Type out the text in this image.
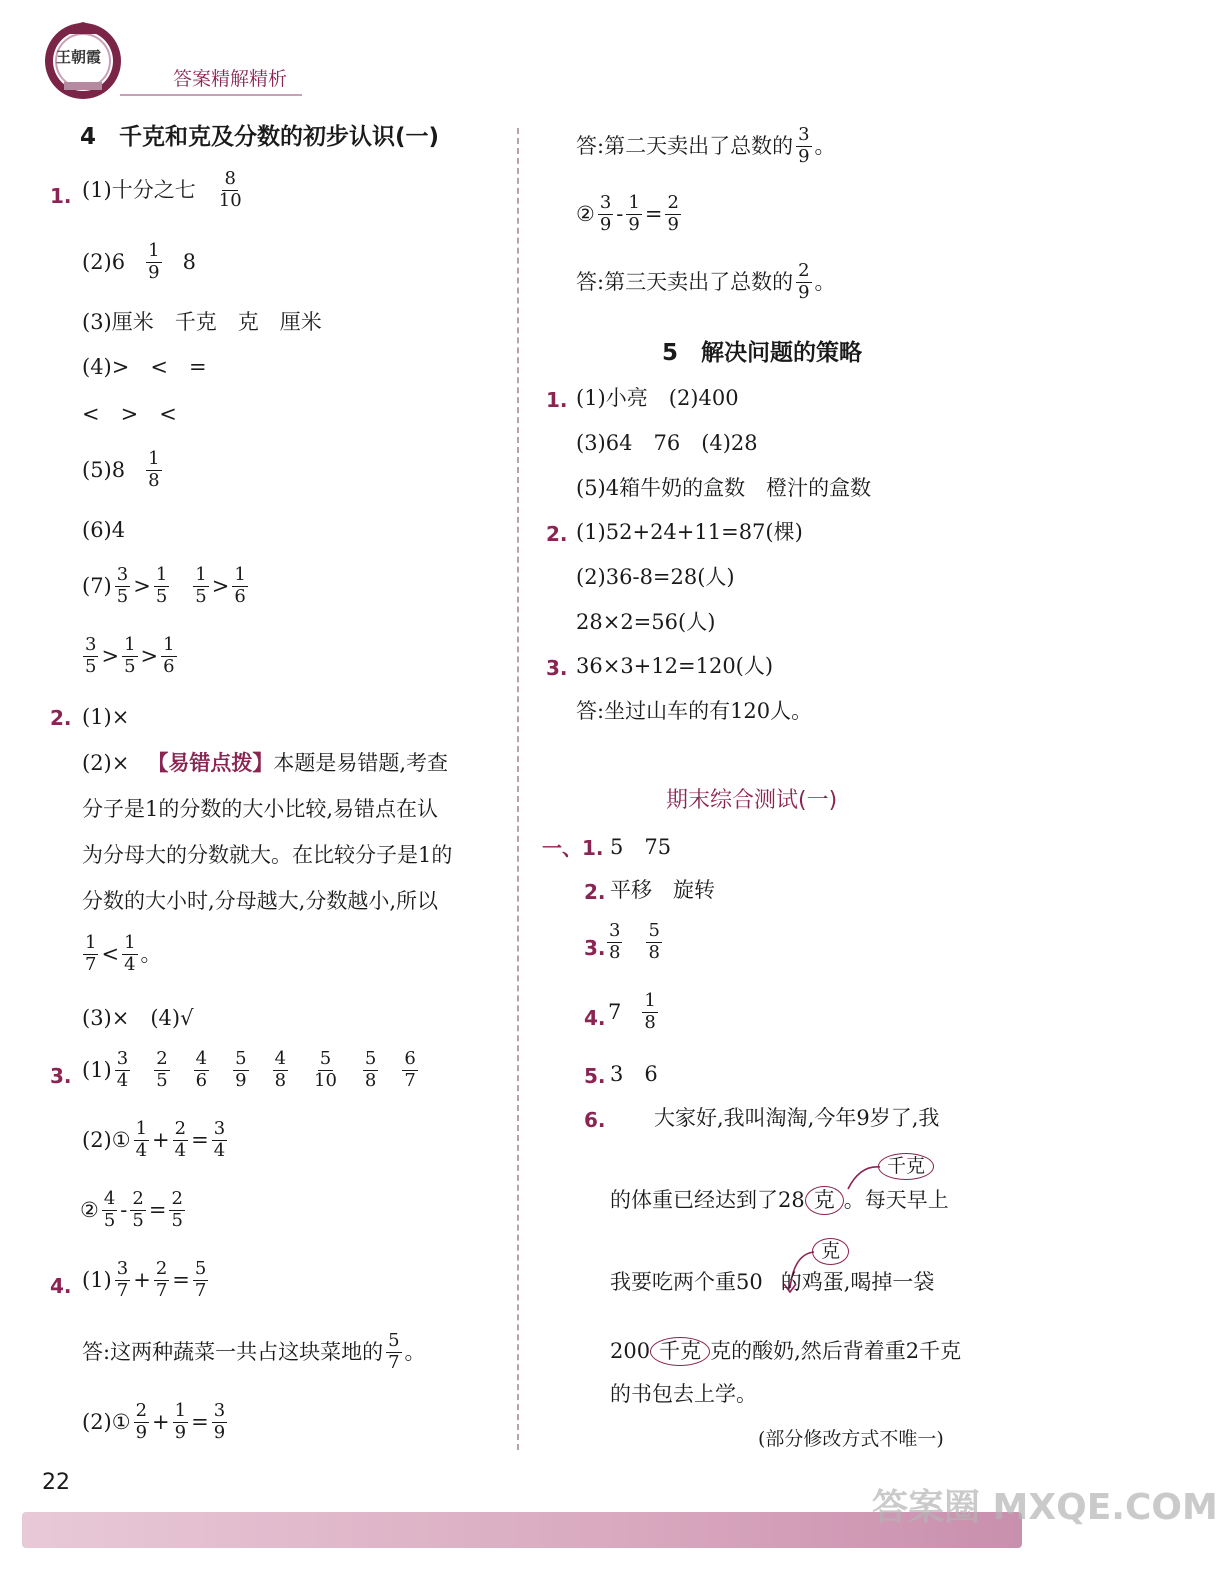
王朝霞
答案精解精析
4　千克和克及分数的初步认识(一)
1. (1)十分之七 $\frac{8}{10}$
$(2)6 \frac{1}{9} 8$
(3)厘米　千克　克　厘米
(4)>　<　=
<　>　<
$(5)8 \frac{1}{8}$
(6)4
$(7) \frac{3}{5} > \frac{1}{5} \frac{1}{5} > \frac{1}{6}$
$\frac{3}{5} > \frac{1}{5} > \frac{1}{6}$
2. (1)×
(2)× 【易错点拨】本题是易错题,考查
分子是1的分数的大小比较,易错点在认
为分母大的分数就大。在比较分子是1的
分数的大小时,分母越大,分数越小,所以
$\frac{1}{7} < \frac{1}{4}$ 。
(3)×　(4)√
3. $(1) \frac{3}{4} \frac{2}{5} \frac{4}{6} \frac{5}{9} \frac{4}{8} \frac{5}{10} \frac{5}{8} \frac{6}{7}$
(2)① $\frac{1}{4} + \frac{2}{4} = \frac{3}{4}$
② $\frac{4}{5} - \frac{2}{5} = \frac{2}{5}$
4. $(1) \frac{3}{7} + \frac{2}{7} = \frac{5}{7}$
答:这两种蔬菜一共占这块菜地的 $\frac{5}{7}$ 。
(2)① $\frac{2}{9} + \frac{1}{9} = \frac{3}{9}$
答:第二天卖出了总数的 $\frac{3}{9}$ 。
② $\frac{3}{9} - \frac{1}{9} = \frac{2}{9}$
答:第三天卖出了总数的 $\frac{2}{9}$ 。
5　解决问题的策略
1. (1)小亮　(2)400
(3)64　76　(4)28
(5)4箱牛奶的盒数　橙汁的盒数
2. (1)52+24+11=87(棵)
(2)36-8=28(人)
28×2=56(人)
3. 36×3+12=120(人)
答:坐过山车的有120人。
期末综合测试(一)
一、1. 5　75
2. 平移　旋转
3. $\frac{3}{8} \frac{5}{8}$
4. $7 \frac{1}{8}$
5. 3　6
6. 大家好,我叫淘淘,今年9岁了,我
千克
的体重已经达到了28 克 。每天早上
克
我要吃两个重50 的鸡蛋,喝掉一袋
200 千克 克的酸奶,然后背着重2千克
的书包去上学。
(部分修改方式不唯一)
22
答案圈 MXQE.COM
